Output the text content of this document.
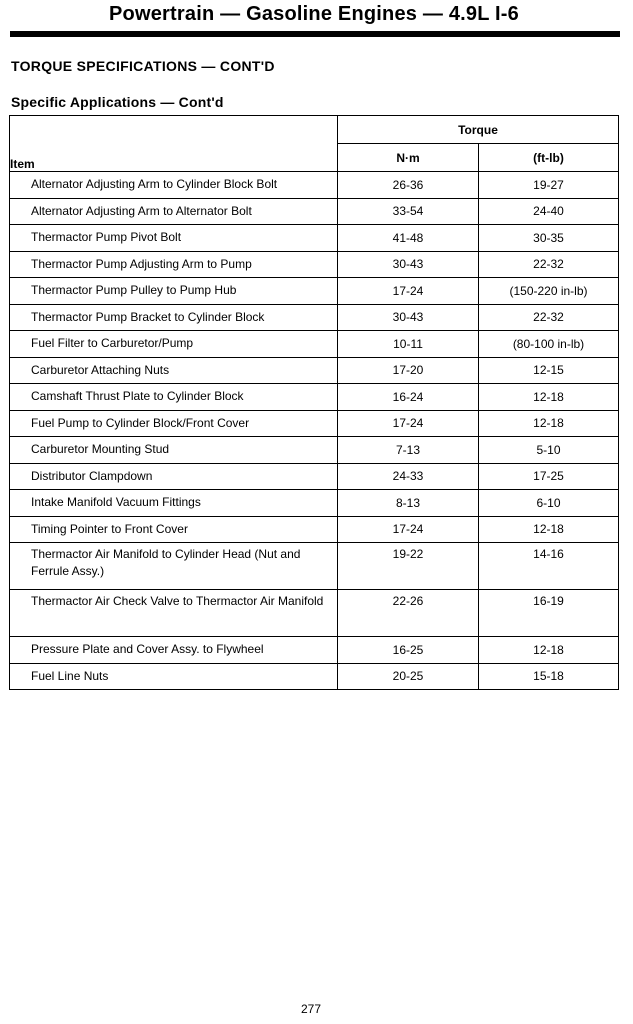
Powertrain — Gasoline Engines — 4.9L I-6
TORQUE SPECIFICATIONS — CONT'D
Specific Applications — Cont'd
Item	Torque	
	N·m	(ft-lb)
Alternator Adjusting Arm to Cylinder Block Bolt	26-36	19-27
Alternator Adjusting Arm to Alternator Bolt	33-54	24-40
Thermactor Pump Pivot Bolt	41-48	30-35
Thermactor Pump Adjusting Arm to Pump	30-43	22-32
Thermactor Pump Pulley to Pump Hub	17-24	(150-220 in-lb)
Thermactor Pump Bracket to Cylinder Block	30-43	22-32
Fuel Filter to Carburetor/Pump	10-11	(80-100 in-lb)
Carburetor Attaching Nuts	17-20	12-15
Camshaft Thrust Plate to Cylinder Block	16-24	12-18
Fuel Pump to Cylinder Block/Front Cover	17-24	12-18
Carburetor Mounting Stud	7-13	5-10
Distributor Clampdown	24-33	17-25
Intake Manifold Vacuum Fittings	8-13	6-10
Timing Pointer to Front Cover	17-24	12-18
Thermactor Air Manifold to Cylinder Head (Nut and Ferrule Assy.)	19-22	14-16
Thermactor Air Check Valve to Thermactor Air Manifold	22-26	16-19
Pressure Plate and Cover Assy. to Flywheel	16-25	12-18
Fuel Line Nuts	20-25	15-18
277
